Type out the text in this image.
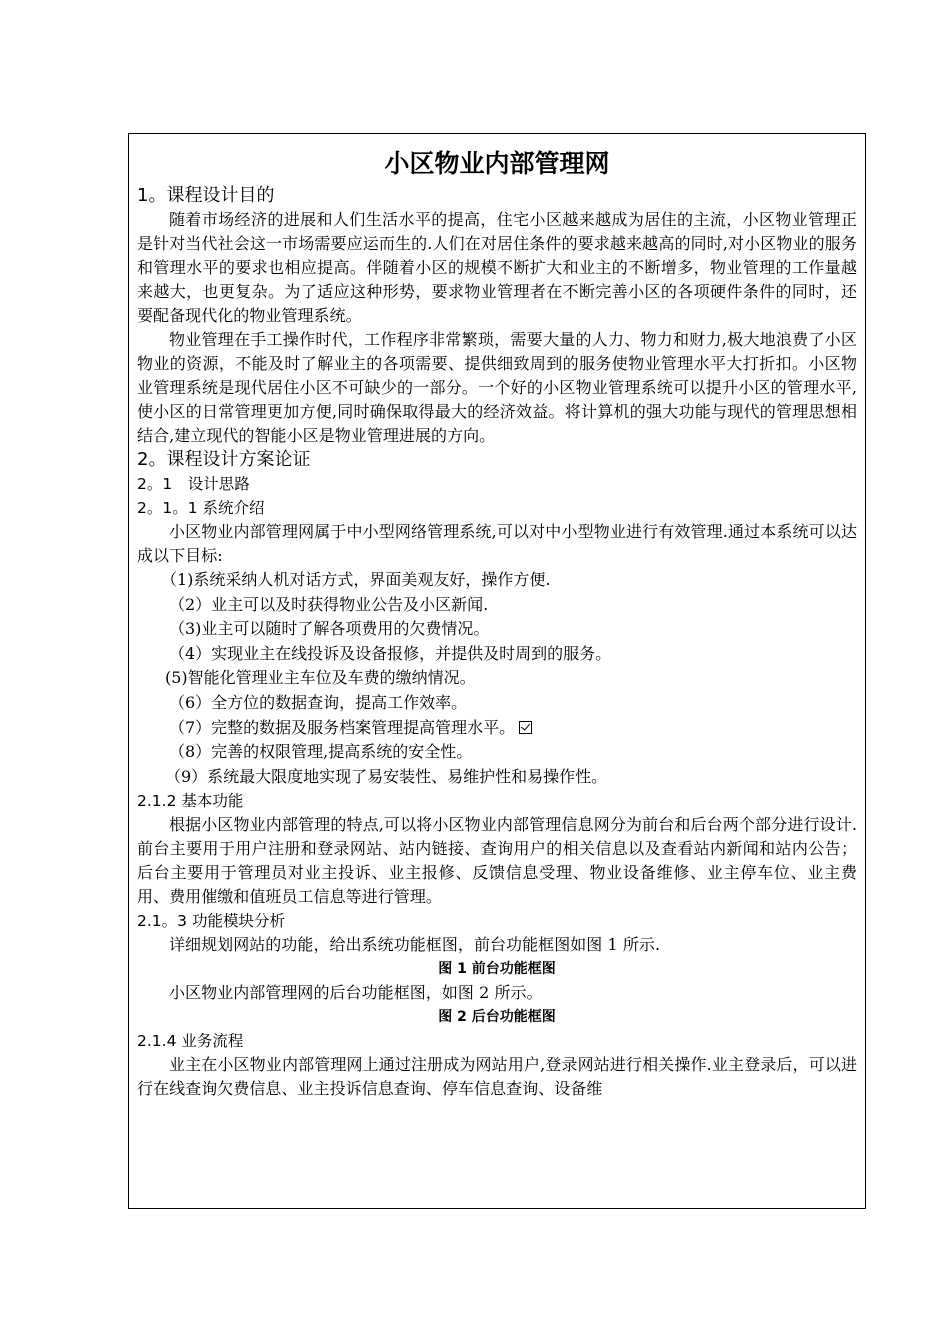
小区物业内部管理网
1。课程设计目的

随着市场经济的进展和人们生活水平的提高，住宅小区越来越成为居住的主流，小区物业管理正是针对当代社会这一市场需要应运而生的.人们在对居住条件的要求越来越高的同时,对小区物业的服务和管理水平的要求也相应提高。伴随着小区的规模不断扩大和业主的不断增多，物业管理的工作量越来越大，也更复杂。为了适应这种形势，要求物业管理者在不断完善小区的各项硬件条件的同时，还要配备现代化的物业管理系统。

物业管理在手工操作时代，工作程序非常繁琐，需要大量的人力、物力和财力,极大地浪费了小区物业的资源，不能及时了解业主的各项需要、提供细致周到的服务使物业管理水平大打折扣。小区物业管理系统是现代居住小区不可缺少的一部分。一个好的小区物业管理系统可以提升小区的管理水平,使小区的日常管理更加方便,同时确保取得最大的经济效益。将计算机的强大功能与现代的管理思想相结合,建立现代的智能小区是物业管理进展的方向。

2。课程设计方案论证
2。1　设计思路
2。1。1 系统介绍

小区物业内部管理网属于中小型网络管理系统,可以对中小型物业进行有效管理.通过本系统可以达成以下目标:

（1)系统采纳人机对话方式，界面美观友好，操作方便.
（2）业主可以及时获得物业公告及小区新闻.
（3)业主可以随时了解各项费用的欠费情况。
（4）实现业主在线投诉及设备报修，并提供及时周到的服务。
(5)智能化管理业主车位及车费的缴纳情况。
（6）全方位的数据查询，提高工作效率。
（7）完整的数据及服务档案管理提高管理水平。
（8）完善的权限管理,提高系统的安全性。
（9）系统最大限度地实现了易安装性、易维护性和易操作性。
2.1.2 基本功能

根据小区物业内部管理的特点,可以将小区物业内部管理信息网分为前台和后台两个部分进行设计.前台主要用于用户注册和登录网站、站内链接、查询用户的相关信息以及查看站内新闻和站内公告；后台主要用于管理员对业主投诉、业主报修、反馈信息受理、物业设备维修、业主停车位、业主费用、费用催缴和值班员工信息等进行管理。

2.1。3 功能模块分析

详细规划网站的功能，给出系统功能框图，前台功能框图如图 1 所示.

图 1 前台功能框图

小区物业内部管理网的后台功能框图，如图 2 所示。

图 2 后台功能框图
2.1.4 业务流程

业主在小区物业内部管理网上通过注册成为网站用户,登录网站进行相关操作.业主登录后，可以进行在线查询欠费信息、业主投诉信息查询、停车信息查询、设备维
